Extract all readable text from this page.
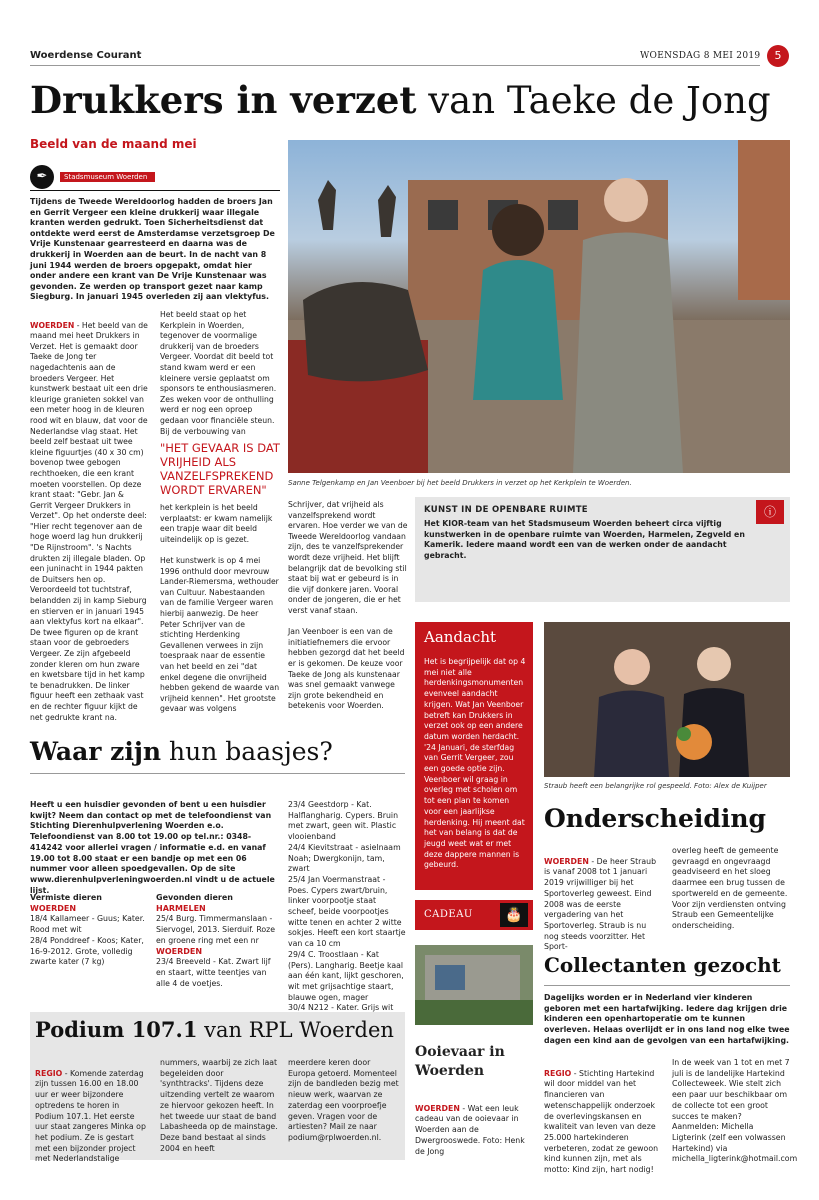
Woerdense Courant	WOENSDAG 8 MEI 2019	5
Drukkers in verzet van Taeke de Jong
Beeld van de maand mei
✒	Stadsmuseum Woerden
Tijdens de Tweede Wereldoorlog hadden de broers Jan en Gerrit Vergeer een kleine drukkerij waar illegale kranten werden gedrukt. Toen Sicherheitsdienst dat ontdekte werd eerst de Amsterdamse verzetsgroep De Vrije Kunstenaar gearresteerd en daarna was de drukkerij in Woerden aan de beurt. In de nacht van 8 juni 1944 werden de broers opgepakt, omdat hier onder andere een krant van De Vrije Kunstenaar was gevonden. Ze werden op transport gezet naar kamp Siegburg. In januari 1945 overleden zij aan vlektyfus.

WOERDEN - Het beeld van de maand mei heet Drukkers in Verzet. Het is gemaakt door Taeke de Jong ter nagedachtenis aan de broeders Vergeer. Het kunstwerk bestaat uit een drie kleurige granieten sokkel van een meter hoog in de kleuren rood wit en blauw, dat voor de Nederlandse vlag staat. Het beeld zelf bestaat uit twee kleine figuurtjes (40 x 30 cm) bovenop twee gebogen rechthoeken, die een krant moeten voorstellen. Op deze krant staat: "Gebr. Jan & Gerrit Vergeer Drukkers in Verzet". Op het onderste deel: "Hier recht tegenover aan de hoge woerd lag hun drukkerij "De Rijnstroom". 's Nachts drukten zij illegale bladen. Op een juninacht in 1944 pakten de Duitsers hen op. Veroordeeld tot tuchtstraf, belandden zij in kamp Sieburg en stierven er in januari 1945 aan vlektyfus kort na elkaar". De twee figuren op de krant staan voor de gebroeders Vergeer. Ze zijn afgebeeld zonder kleren om hun zware en kwetsbare tijd in het kamp te benadrukken. De linker figuur heeft een zethaak vast en de rechter figuur kijkt de net gedrukte krant na.

Het beeld staat op het Kerkplein in Woerden, tegenover de voormalige drukkerij van de broeders Vergeer. Voordat dit beeld tot stand kwam werd er een kleinere versie geplaatst om sponsors te enthousiasmeren. Zes weken voor de onthulling werd er nog een oproep gedaan voor financiële steun. Bij de verbouwing van
"HET GEVAAR IS DAT VRIJHEID ALS VANZELFSPREKEND WORDT ERVAREN"
het kerkplein is het beeld verplaatst: er kwam namelijk een trapje waar dit beeld uiteindelijk op is gezet.

Het kunstwerk is op 4 mei 1996 onthuld door mevrouw Lander-Riemersma, wethouder van Cultuur. Nabestaanden van de familie Vergeer waren hierbij aanwezig. De heer Peter Schrijver van de stichting Herdenking Gevallenen verwees in zijn toespraak naar de essentie van het beeld en zei "dat enkel degene die onvrijheid hebben gekend de waarde van vrijheid kennen". Het grootste gevaar was volgens
Schrijver, dat vrijheid als vanzelfsprekend wordt ervaren. Hoe verder we van de Tweede Wereldoorlog vandaan zijn, des te vanzelfsprekender wordt deze vrijheid. Het blijft belangrijk dat de bevolking stil staat bij wat er gebeurd is in die vijf donkere jaren. Vooral onder de jongeren, die er het verst vanaf staan.

Jan Veenboer is een van de initiatiefnemers die ervoor hebben gezorgd dat het beeld er is gekomen. De keuze voor Taeke de Jong als kunstenaar was snel gemaakt vanwege zijn grote bekendheid en betekenis voor Woerden.
Sanne Telgenkamp en Jan Veenboer bij het beeld Drukkers in verzet op het Kerkplein te Woerden.
KUNST IN DE OPENBARE RUIMTE
Het KIOR-team van het Stadsmuseum Woerden beheert circa vijftig kunstwerken in de openbare ruimte van Woerden, Harmelen, Zegveld en Kamerik. Iedere maand wordt een van de werken onder de aandacht gebracht.
ⓘ
Aandacht
Het is begrijpelijk dat op 4 mei niet alle herdenkingsmonumenten evenveel aandacht krijgen. Wat Jan Veenboer betreft kan Drukkers in verzet ook op een andere datum worden herdacht. '24 Januari, de sterfdag van Gerrit Vergeer, zou een goede optie zijn. Veenboer wil graag in overleg met scholen om tot een plan te komen voor een jaarlijkse herdenking. Hij meent dat het van belang is dat de jeugd weet wat er met deze dappere mannen is gebeurd.
Straub heeft een belangrijke rol gespeeld. Foto: Alex de Kuijper
Onderscheiding

WOERDEN - De heer Straub is vanaf 2008 tot 1 januari 2019 vrijwilliger bij het Sportoverleg geweest. Eind 2008 was de eerste vergadering van het Sportoverleg. Straub is nu nog steeds voorzitter. Het Sport-

overleg heeft de gemeente gevraagd en ongevraagd geadviseerd en het sloeg daarmee een brug tussen de sportwereld en de gemeente. Voor zijn verdiensten ontving Straub een Gemeentelijke onderscheiding.
Waar zijn hun baasjes?
Heeft u een huisdier gevonden of bent u een huisdier kwijt? Neem dan contact op met de telefoondienst van Stichting Dierenhulpverlening Woerden e.o. Telefoondienst van 8.00 tot 19.00 op tel.nr.: 0348-414242 voor allerlei vragen / informatie e.d. en vanaf 19.00 tot 8.00 staat er een bandje op met een 06 nummer voor alleen spoedgevallen. Op de site www.dierenhulpverleningwoerden.nl vindt u de actuele lijst.
Vermiste dieren
WOERDEN
18/4 Kallameer - Guus; Kater. Rood met wit
28/4 Ponddreef - Koos; Kater, 16-9-2012. Grote, volledig zwarte kater (7 kg)
Gevonden dieren
HARMELEN
25/4 Burg. Timmermanslaan - Siervogel, 2013. Sierduif. Roze en groene ring met een nr
WOERDEN
23/4 Breeveld - Kat. Zwart lijf en staart, witte teentjes van alle 4 de voetjes.
23/4 Geestdorp - Kat. Halflangharig. Cypers. Bruin met zwart, geen wit. Plastic vlooienband
24/4 Kievitstraat - asielnaam Noah; Dwergkonijn, tam, zwart
25/4 Jan Voermanstraat - Poes. Cypers zwart/bruin, linker voorpootje staat scheef, beide voorpootjes witte tenen en achter 2 witte sokjes. Heeft een kort staartje van ca 10 cm
29/4 C. Troostlaan - Kat (Pers). Langharig. Beetje kaal aan één kant, lijkt geschoren, wit met grijsachtige staart, blauwe ogen, mager
30/4 N212 - Kater. Grijs wit
CADEAU	🎂
Ooievaar in Woerden

WOERDEN - Wat een leuk cadeau van de ooievaar in Woerden aan de Dwergrooswede. Foto: Henk de Jong

Collectanten gezocht
Dagelijks worden er in Nederland vier kinderen geboren met een hartafwijking. Iedere dag krijgen drie kinderen een openhartoperatie om te kunnen overleven. Helaas overlijdt er in ons land nog elke twee dagen een kind aan de gevolgen van een hartafwijking.

REGIO - Stichting Hartekind wil door middel van het financieren van wetenschappelijk onderzoek de overlevingskansen en kwaliteit van leven van deze 25.000 hartekinderen verbeteren, zodat ze gewoon kind kunnen zijn, met als motto: Kind zijn, hart nodig!

In de week van 1 tot en met 7 juli is de landelijke Hartekind Collecteweek. Wie stelt zich een paar uur beschikbaar om de collecte tot een groot succes te maken? Aanmelden: Michella Ligterink (zelf een volwassen Hartekind) via michella_ligterink@hotmail.com
Podium 107.1 van RPL Woerden

REGIO - Komende zaterdag zijn tussen 16.00 en 18.00 uur er weer bijzondere optredens te horen in Podium 107.1. Het eerste uur staat zangeres Minka op het podium. Ze is gestart met een bijzonder project met Nederlandstalige

nummers, waarbij ze zich laat begeleiden door 'synthtracks'. Tijdens deze uitzending vertelt ze waarom ze hiervoor gekozen heeft. In het tweede uur staat de band Labasheeda op de mainstage. Deze band bestaat al sinds 2004 en heeft
meerdere keren door Europa getoerd. Momenteel zijn de bandleden bezig met nieuw werk, waarvan ze zaterdag een voorproefje geven. Vragen voor de artiesten? Mail ze naar podium@rplwoerden.nl.
